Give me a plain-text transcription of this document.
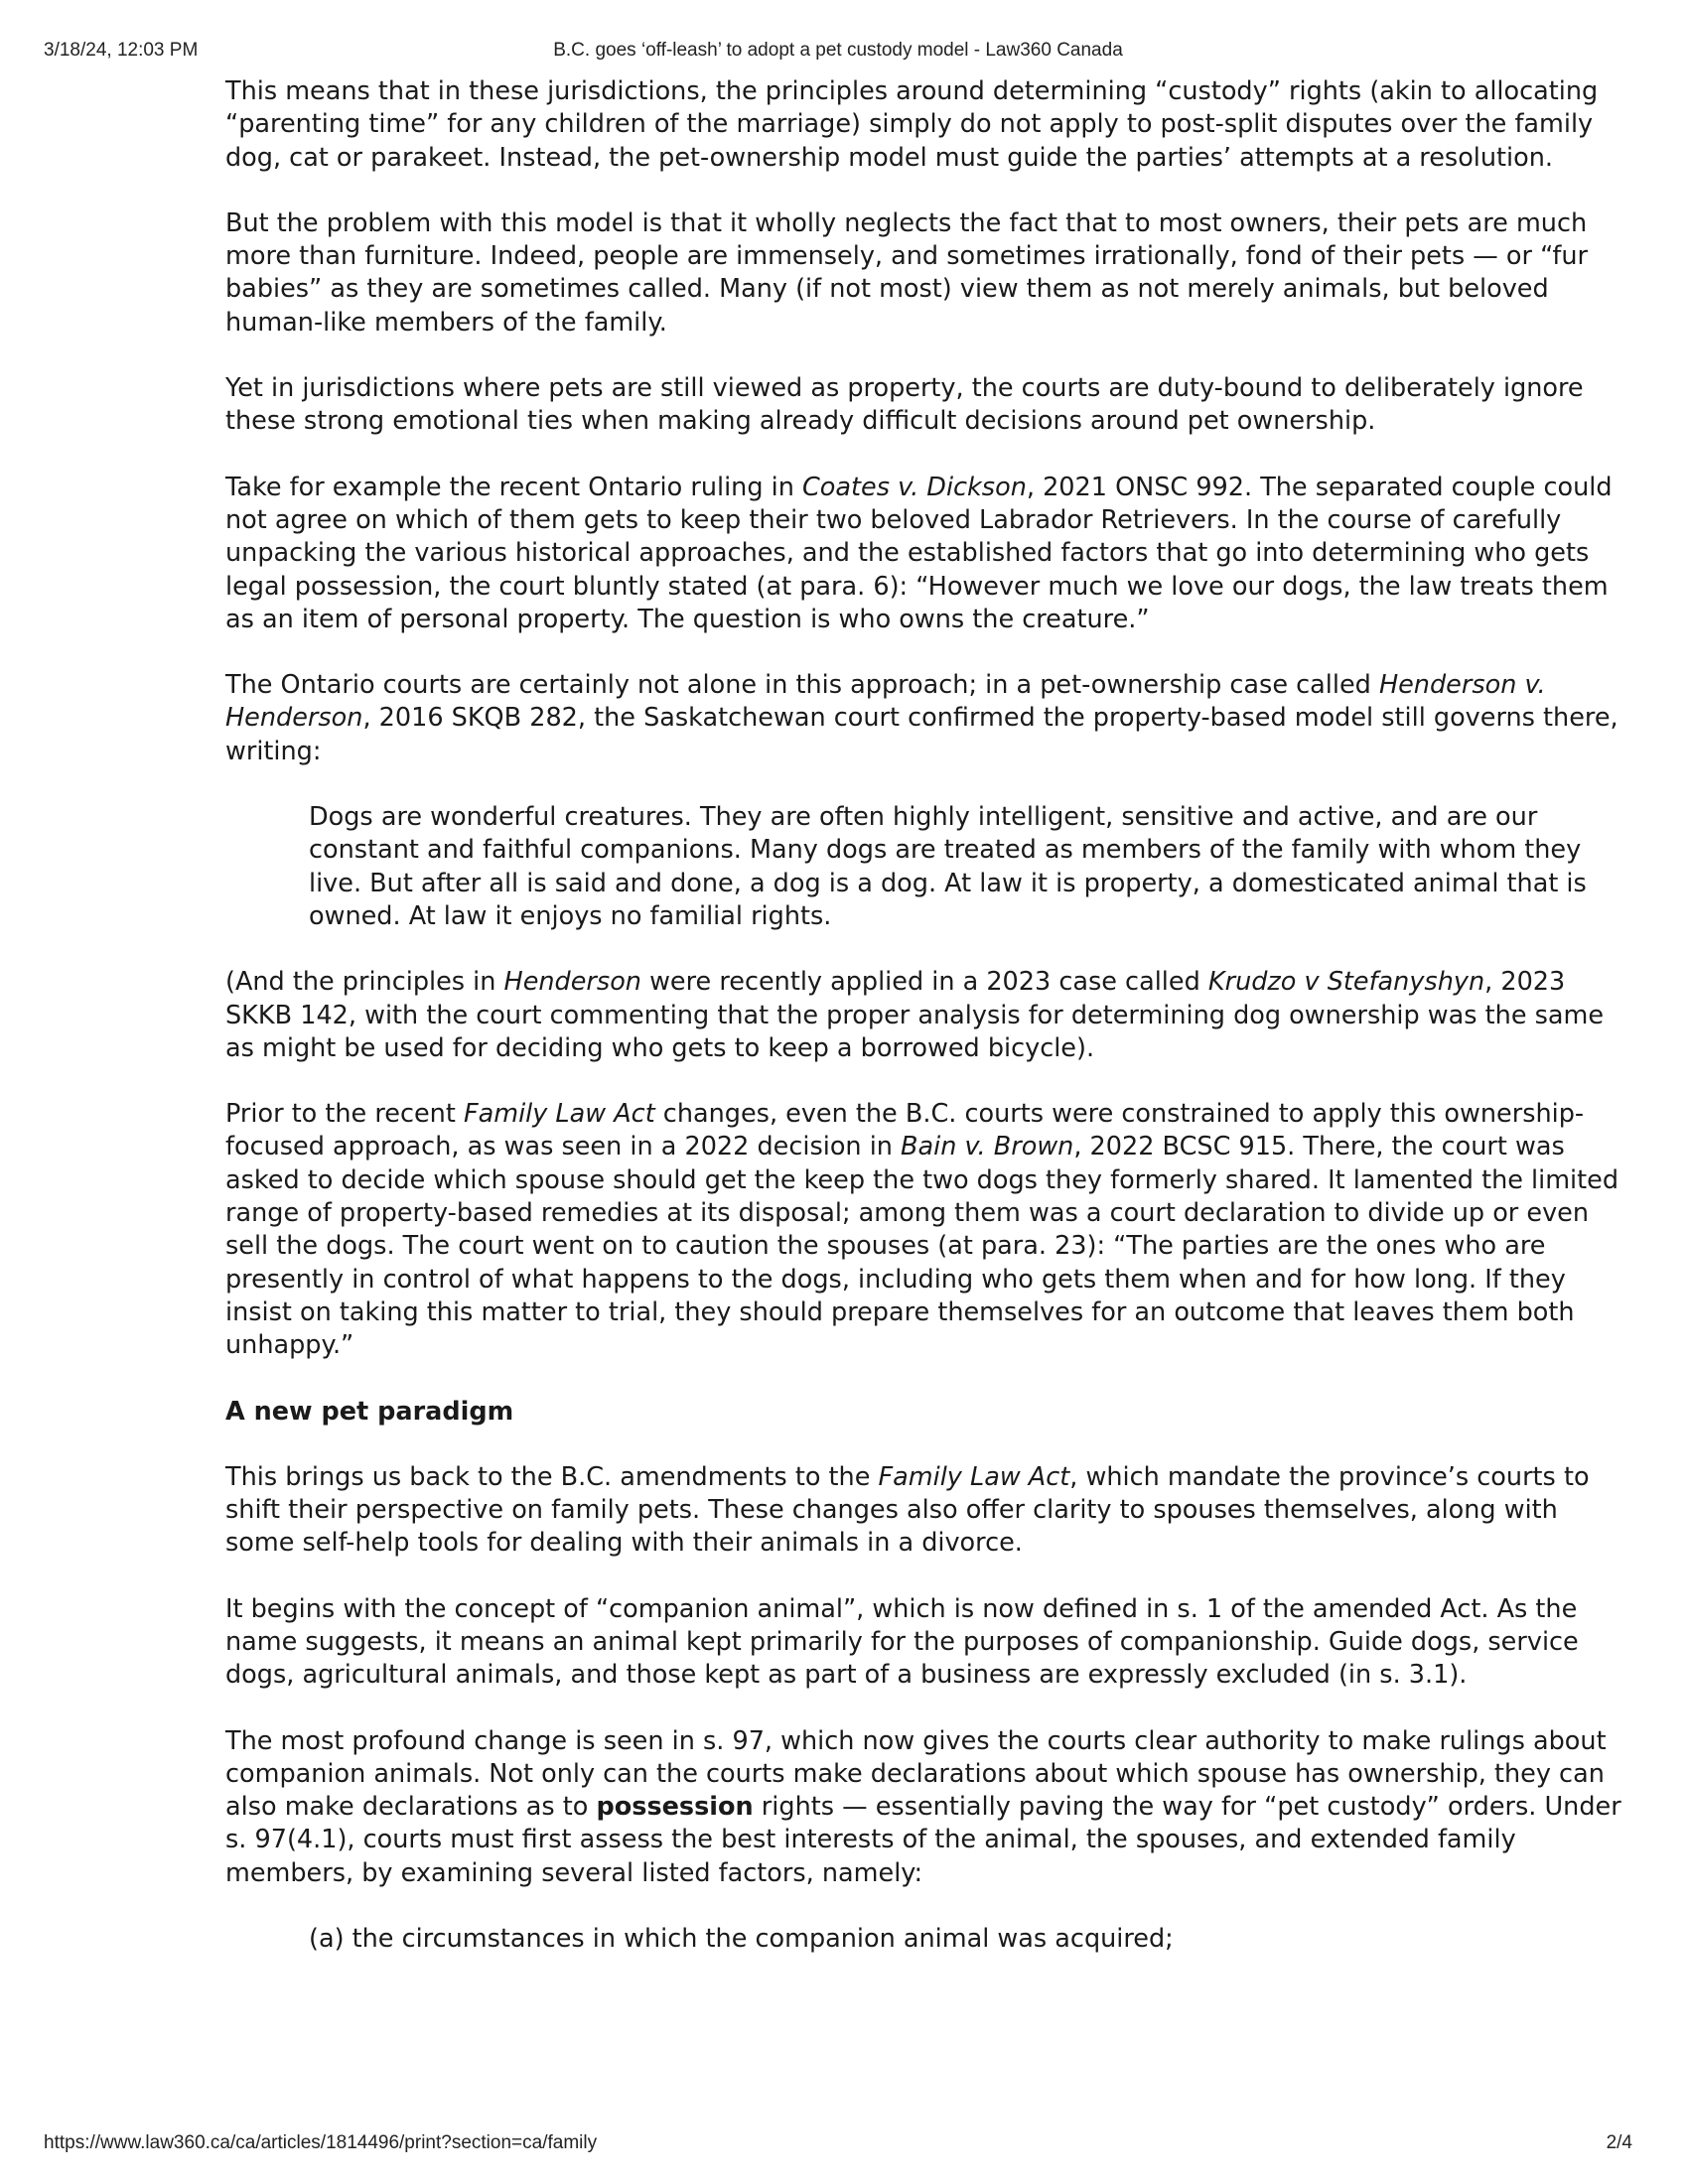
3/18/24, 12:03 PM	B.C. goes ‘off-leash’ to adopt a pet custody model - Law360 Canada

This means that in these jurisdictions, the principles around determining “custody” rights (akin to allocating “parenting time” for any children of the marriage) simply do not apply to post-split disputes over the family dog, cat or parakeet. Instead, the pet-ownership model must guide the parties’ attempts at a resolution.

But the problem with this model is that it wholly neglects the fact that to most owners, their pets are much more than furniture. Indeed, people are immensely, and sometimes irrationally, fond of their pets — or “fur babies” as they are sometimes called. Many (if not most) view them as not merely animals, but beloved human-like members of the family.

Yet in jurisdictions where pets are still viewed as property, the courts are duty-bound to deliberately ignore these strong emotional ties when making already difficult decisions around pet ownership.

Take for example the recent Ontario ruling in Coates v. Dickson, 2021 ONSC 992. The separated couple could not agree on which of them gets to keep their two beloved Labrador Retrievers. In the course of carefully unpacking the various historical approaches, and the established factors that go into determining who gets legal possession, the court bluntly stated (at para. 6): “However much we love our dogs, the law treats them as an item of personal property. The question is who owns the creature.”

The Ontario courts are certainly not alone in this approach; in a pet-ownership case called Henderson v. Henderson, 2016 SKQB 282, the Saskatchewan court confirmed the property-based model still governs there, writing:

Dogs are wonderful creatures. They are often highly intelligent, sensitive and active, and are our constant and faithful companions. Many dogs are treated as members of the family with whom they live. But after all is said and done, a dog is a dog. At law it is property, a domesticated animal that is owned. At law it enjoys no familial rights.

(And the principles in Henderson were recently applied in a 2023 case called Krudzo v Stefanyshyn, 2023 SKKB 142, with the court commenting that the proper analysis for determining dog ownership was the same as might be used for deciding who gets to keep a borrowed bicycle).

Prior to the recent Family Law Act changes, even the B.C. courts were constrained to apply this ownership-focused approach, as was seen in a 2022 decision in Bain v. Brown, 2022 BCSC 915. There, the court was asked to decide which spouse should get the keep the two dogs they formerly shared. It lamented the limited range of property-based remedies at its disposal; among them was a court declaration to divide up or even sell the dogs. The court went on to caution the spouses (at para. 23): “The parties are the ones who are presently in control of what happens to the dogs, including who gets them when and for how long. If they insist on taking this matter to trial, they should prepare themselves for an outcome that leaves them both unhappy.”

A new pet paradigm

This brings us back to the B.C. amendments to the Family Law Act, which mandate the province’s courts to shift their perspective on family pets. These changes also offer clarity to spouses themselves, along with some self-help tools for dealing with their animals in a divorce.

It begins with the concept of “companion animal”, which is now defined in s. 1 of the amended Act. As the name suggests, it means an animal kept primarily for the purposes of companionship. Guide dogs, service dogs, agricultural animals, and those kept as part of a business are expressly excluded (in s. 3.1).

The most profound change is seen in s. 97, which now gives the courts clear authority to make rulings about companion animals. Not only can the courts make declarations about which spouse has ownership, they can also make declarations as to possession rights — essentially paving the way for “pet custody” orders. Under s. 97(4.1), courts must first assess the best interests of the animal, the spouses, and extended family members, by examining several listed factors, namely:

(a) the circumstances in which the companion animal was acquired;
https://www.law360.ca/ca/articles/1814496/print?section=ca/family	2/4
